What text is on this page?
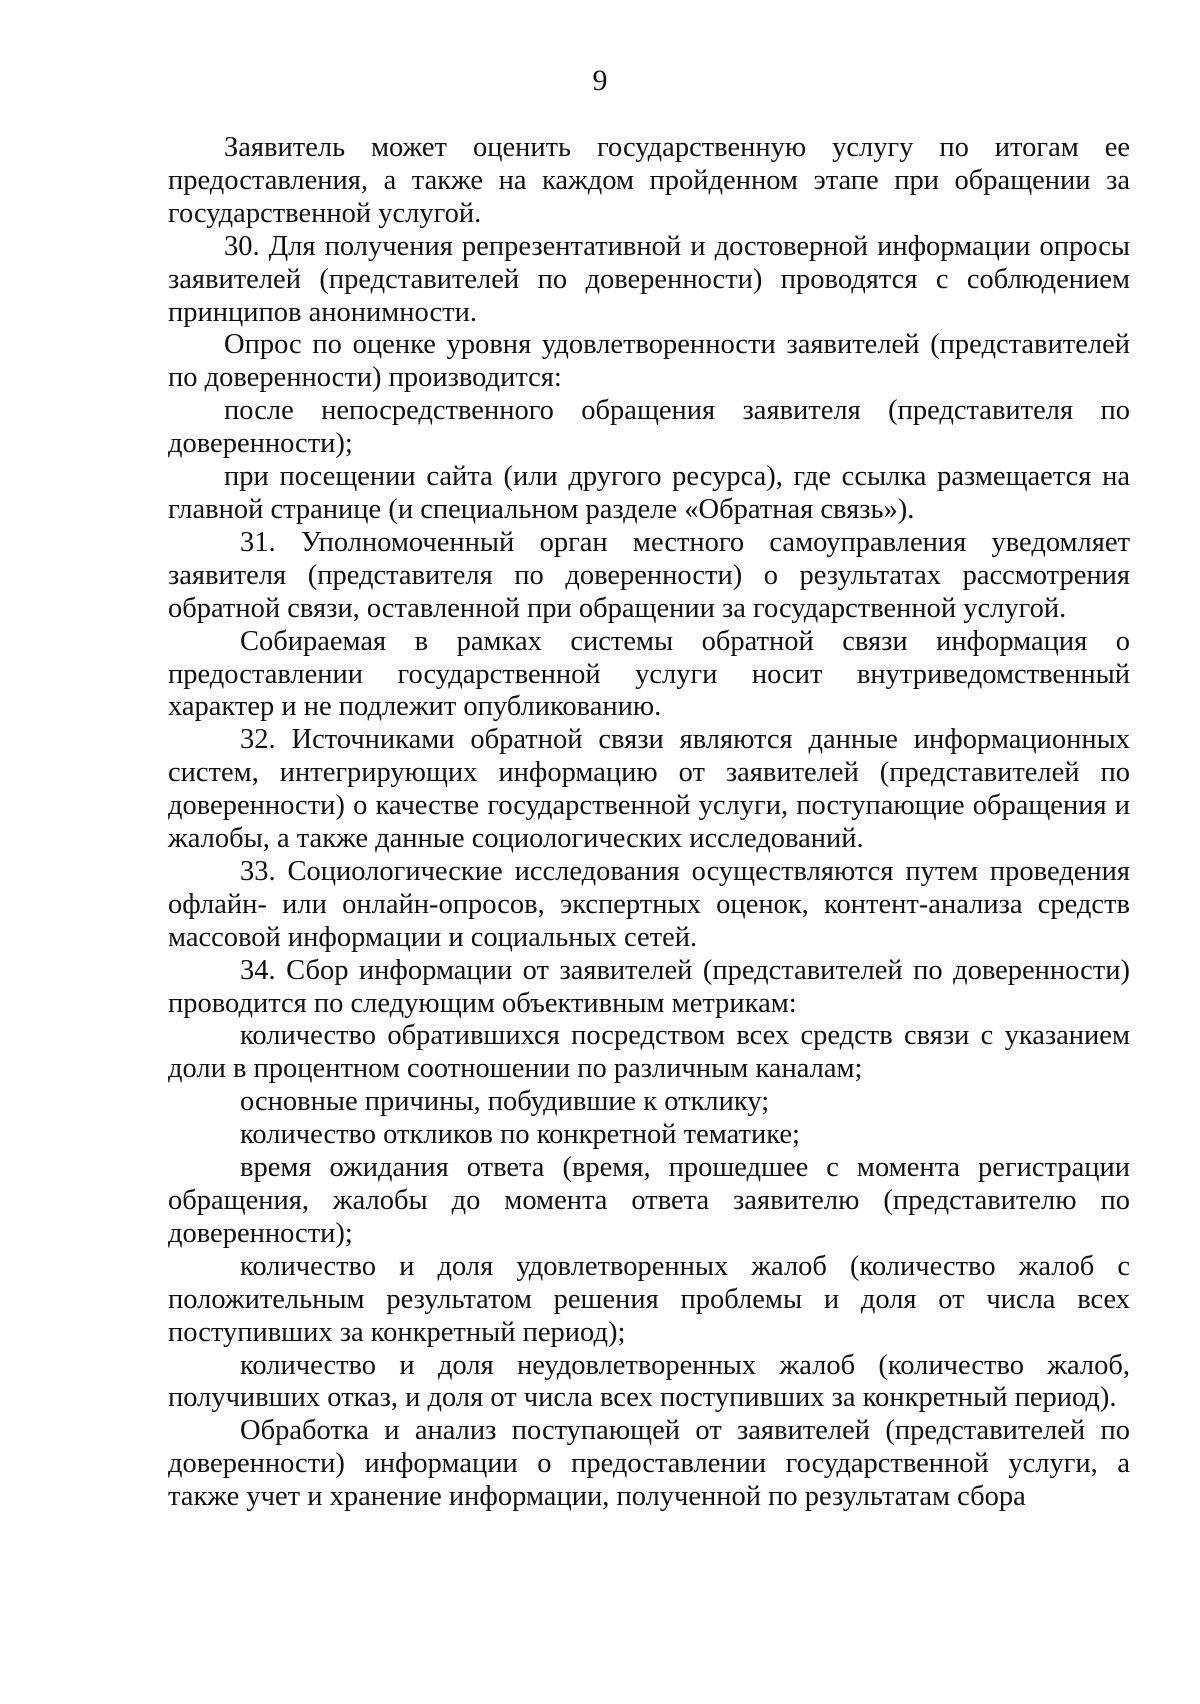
9

Заявитель может оценить государственную услугу по итогам ее предоставления, а также на каждом пройденном этапе при обращении за государственной услугой.

30. Для получения репрезентативной и достоверной информации опросы заявителей (представителей по доверенности) проводятся с соблюдением принципов анонимности.

Опрос по оценке уровня удовлетворенности заявителей (представителей по доверенности) производится:

после непосредственного обращения заявителя (представителя по доверенности);

при посещении сайта (или другого ресурса), где ссылка размещается на главной странице (и специальном разделе «Обратная связь»).

31. Уполномоченный орган местного самоуправления уведомляет заявителя (представителя по доверенности) о результатах рассмотрения обратной связи, оставленной при обращении за государственной услугой.

Собираемая в рамках системы обратной связи информация о предоставлении государственной услуги носит внутриведомственный характер и не подлежит опубликованию.

32. Источниками обратной связи являются данные информационных систем, интегрирующих информацию от заявителей (представителей по доверенности) о качестве государственной услуги, поступающие обращения и жалобы, а также данные социологических исследований.

33. Социологические исследования осуществляются путем проведения офлайн- или онлайн-опросов, экспертных оценок, контент-анализа средств массовой информации и социальных сетей.

34. Сбор информации от заявителей (представителей по доверенности) проводится по следующим объективным метрикам:

количество обратившихся посредством всех средств связи с указанием доли в процентном соотношении по различным каналам;

основные причины, побудившие к отклику;

количество откликов по конкретной тематике;

время ожидания ответа (время, прошедшее с момента регистрации обращения, жалобы до момента ответа заявителю (представителю по доверенности);

количество и доля удовлетворенных жалоб (количество жалоб с положительным результатом решения проблемы и доля от числа всех поступивших за конкретный период);

количество и доля неудовлетворенных жалоб (количество жалоб, получивших отказ, и доля от числа всех поступивших за конкретный период).

Обработка и анализ поступающей от заявителей (представителей по доверенности) информации о предоставлении государственной услуги, а также учет и хранение информации, полученной по результатам сбора
